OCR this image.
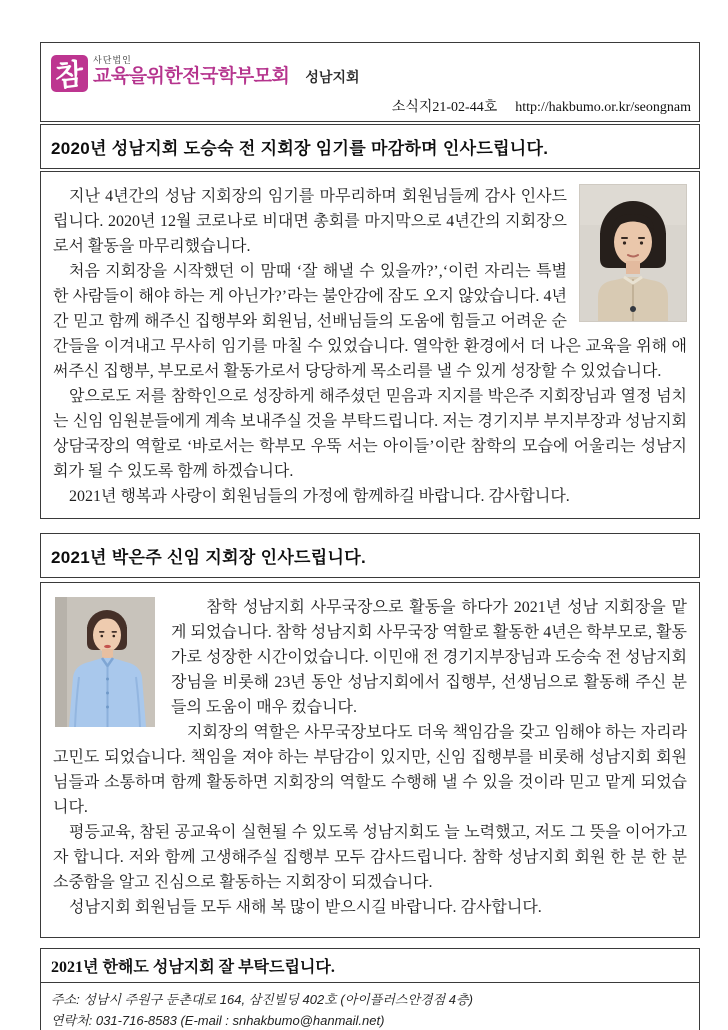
참 사단법인
교육을위한전국학부모회 성남지회
소식지21-02-44호 http://hakbumo.or.kr/seongnam
2020년 성남지회 도승숙 전 지회장 임기를 마감하며 인사드립니다.

지난 4년간의 성남 지회장의 임기를 마무리하며 회원님들께 감사 인사드립니다. 2020년 12월 코로나로 비대면 총회를 마지막으로 4년간의 지회장으로서 활동을 마무리했습니다.

처음 지회장을 시작했던 이 맘때 ‘잘 해낼 수 있을까?’,‘이런 자리는 특별한 사람들이 해야 하는 게 아닌가?’라는 불안감에 잠도 오지 않았습니다. 4년간 믿고 함께 해주신 집행부와 회원님, 선배님들의 도움에 힘들고 어려운 순간들을 이겨내고 무사히 임기를 마칠 수 있었습니다. 열악한 환경에서 더 나은 교육을 위해 애써주신 집행부, 부모로서 활동가로서 당당하게 목소리를 낼 수 있게 성장할 수 있었습니다.

앞으로도 저를 참학인으로 성장하게 해주셨던 믿음과 지지를 박은주 지회장님과 열정 넘치는 신임 임원분들에게 계속 보내주실 것을 부탁드립니다. 저는 경기지부 부지부장과 성남지회 상담국장의 역할로 ‘바로서는 학부모 우뚝 서는 아이들’이란 참학의 모습에 어울리는 성남지회가 될 수 있도록 함께 하겠습니다.

2021년 행복과 사랑이 회원님들의 가정에 함께하길 바랍니다. 감사합니다.

2021년 박은주 신임 지회장 인사드립니다.

참학 성남지회 사무국장으로 활동을 하다가 2021년 성남 지회장을 맡게 되었습니다. 참학 성남지회 사무국장 역할로 활동한 4년은 학부모로, 활동가로 성장한 시간이었습니다. 이민애 전 경기지부장님과 도승숙 전 성남지회장님을 비롯해 23년 동안 성남지회에서 집행부, 선생님으로 활동해 주신 분들의 도움이 매우 컸습니다.

지회장의 역할은 사무국장보다도 더욱 책임감을 갖고 임해야 하는 자리라 고민도 되었습니다. 책임을 져야 하는 부담감이 있지만, 신임 집행부를 비롯해 성남지회 회원님들과 소통하며 함께 활동하면 지회장의 역할도 수행해 낼 수 있을 것이라 믿고 맡게 되었습니다.

평등교육, 참된 공교육이 실현될 수 있도록 성남지회도 늘 노력했고, 저도 그 뜻을 이어가고자 합니다. 저와 함께 고생해주실 집행부 모두 감사드립니다. 참학 성남지회 회원 한 분 한 분 소중함을 알고 진심으로 활동하는 지회장이 되겠습니다.

성남지회 회원님들 모두 새해 복 많이 받으시길 바랍니다. 감사합니다.

2021년 한해도 성남지회 잘 부탁드립니다.
주소: 성남시 주원구 둔촌대로 164, 삼진빌딩 402호 (아이플러스안경점 4층)
연락처: 031-716-8583 (E-mail : snhakbumo@hanmail.net)
